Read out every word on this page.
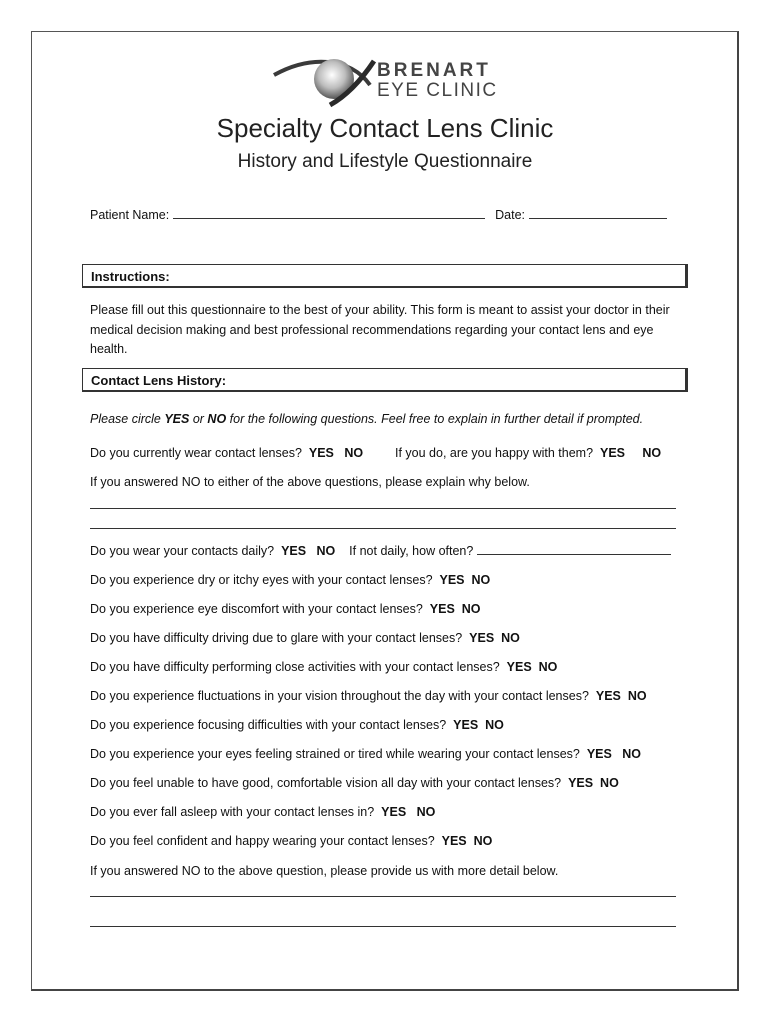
BRENART
EYE CLINIC
Specialty Contact Lens Clinic
History and Lifestyle Questionnaire
Patient Name:	Date:
Instructions:
Please fill out this questionnaire to the best of your ability. This form is meant to assist your doctor in their medical decision making and best professional recommendations regarding your contact lens and eye health.
Contact Lens History:
Please circle YES or NO for the following questions. Feel free to explain in further detail if prompted.
Do you currently wear contact lenses? YES NO	If you do, are you happy with them? YES NO
If you answered NO to either of the above questions, please explain why below.
Do you wear your contacts daily? YES NO If not daily, how often?
Do you experience dry or itchy eyes with your contact lenses? YES NO
Do you experience eye discomfort with your contact lenses? YES NO
Do you have difficulty driving due to glare with your contact lenses? YES NO
Do you have difficulty performing close activities with your contact lenses? YES NO
Do you experience fluctuations in your vision throughout the day with your contact lenses? YES NO
Do you experience focusing difficulties with your contact lenses? YES NO
Do you experience your eyes feeling strained or tired while wearing your contact lenses? YES NO
Do you feel unable to have good, comfortable vision all day with your contact lenses? YES NO
Do you ever fall asleep with your contact lenses in? YES NO
Do you feel confident and happy wearing your contact lenses? YES NO
If you answered NO to the above question, please provide us with more detail below.
